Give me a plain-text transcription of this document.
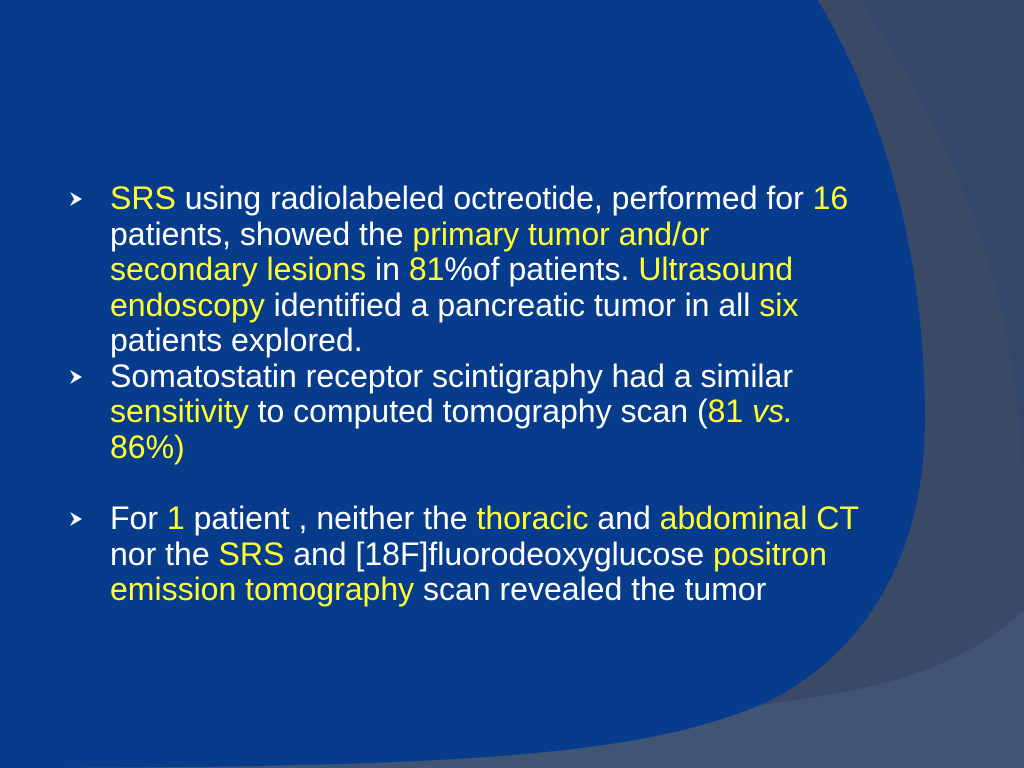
SRS using radiolabeled octreotide, performed for 16 patients, showed the primary tumor and/or secondary lesions in 81%of patients. Ultrasound endoscopy identified a pancreatic tumor in all six patients explored.
Somatostatin receptor scintigraphy had a similar sensitivity to computed tomography scan (81 vs. 86%)
For 1 patient , neither the thoracic and abdominal CT nor the SRS and [18F]fluorodeoxyglucose positron emission tomography scan revealed the tumor
